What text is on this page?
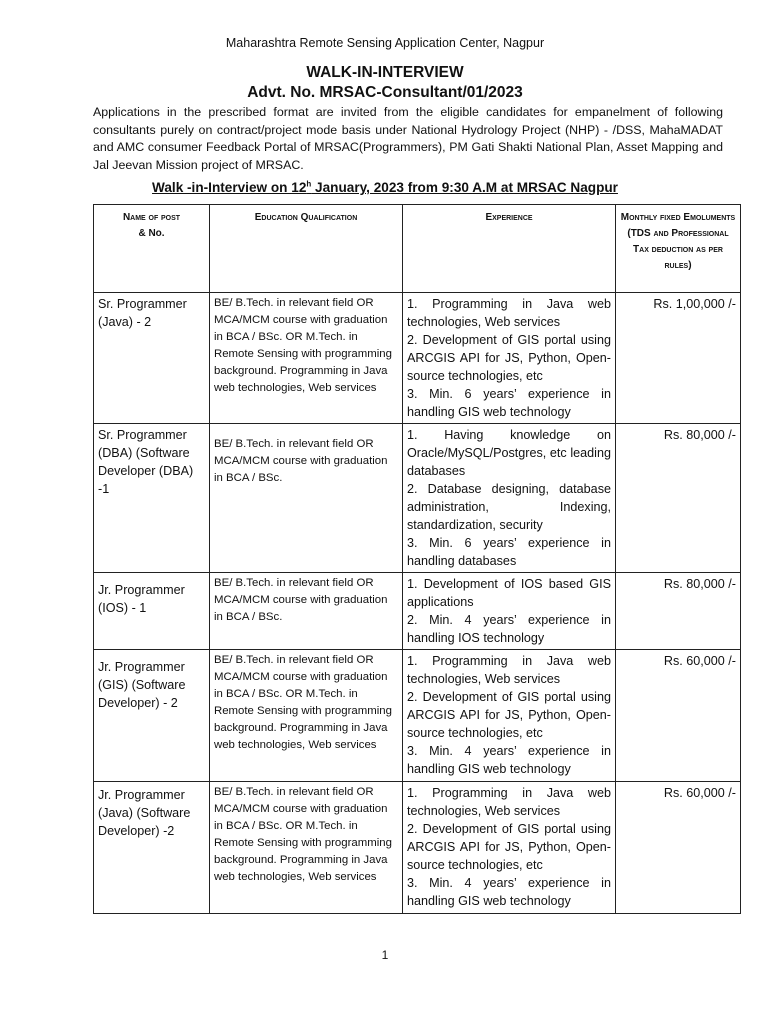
Maharashtra Remote Sensing Application Center, Nagpur
WALK-IN-INTERVIEW
Advt. No. MRSAC-Consultant/01/2023
Applications in the prescribed format are invited from the eligible candidates for empanelment of following consultants purely on contract/project mode basis under National Hydrology Project (NHP) - /DSS, MahaMADAT and AMC consumer Feedback Portal of MRSAC(Programmers), PM Gati Shakti National Plan, Asset Mapping and Jal Jeevan Mission project of MRSAC.
Walk -in-Interview on 12$^h$ January, 2023 from 9:30 A.M at MRSAC Nagpur
Name of post
& No.	Education Qualification	Experience	Monthly fixed Emoluments (TDS and Professional Tax deduction as per rules)
Sr. Programmer (Java) - 2	BE/ B.Tech. in relevant field OR MCA/MCM course with graduation in BCA / BSc. OR M.Tech. in Remote Sensing with programming background. Programming in Java web technologies, Web services	1. Programming in Java web technologies, Web services
2. Development of GIS portal using ARCGIS API for JS, Python, Open-source technologies, etc
3. Min. 6 years’ experience in handling GIS web technology	Rs. 1,00,000 /-
Sr. Programmer (DBA) (Software Developer (DBA) -1	BE/ B.Tech. in relevant field OR MCA/MCM course with graduation in BCA / BSc.	1. Having knowledge on Oracle/MySQL/Postgres, etc leading databases
2. Database designing, database administration, Indexing, standardization, security
3. Min. 6 years’ experience in handling databases	Rs. 80,000 /-
Jr. Programmer (IOS) - 1	BE/ B.Tech. in relevant field OR MCA/MCM course with graduation in BCA / BSc.	1. Development of IOS based GIS applications
2. Min. 4 years’ experience in handling IOS technology	Rs. 80,000 /-
Jr. Programmer (GIS) (Software Developer) - 2	BE/ B.Tech. in relevant field OR MCA/MCM course with graduation in BCA / BSc. OR M.Tech. in Remote Sensing with programming background. Programming in Java web technologies, Web services	1. Programming in Java web technologies, Web services
2. Development of GIS portal using ARCGIS API for JS, Python, Open-source technologies, etc
3. Min. 4 years’ experience in handling GIS web technology	Rs. 60,000 /-
Jr. Programmer (Java) (Software Developer) -2	BE/ B.Tech. in relevant field OR MCA/MCM course with graduation in BCA / BSc. OR M.Tech. in Remote Sensing with programming background. Programming in Java web technologies, Web services	1. Programming in Java web technologies, Web services
2. Development of GIS portal using ARCGIS API for JS, Python, Open-source technologies, etc
3. Min. 4 years’ experience in handling GIS web technology	Rs. 60,000 /-
1
